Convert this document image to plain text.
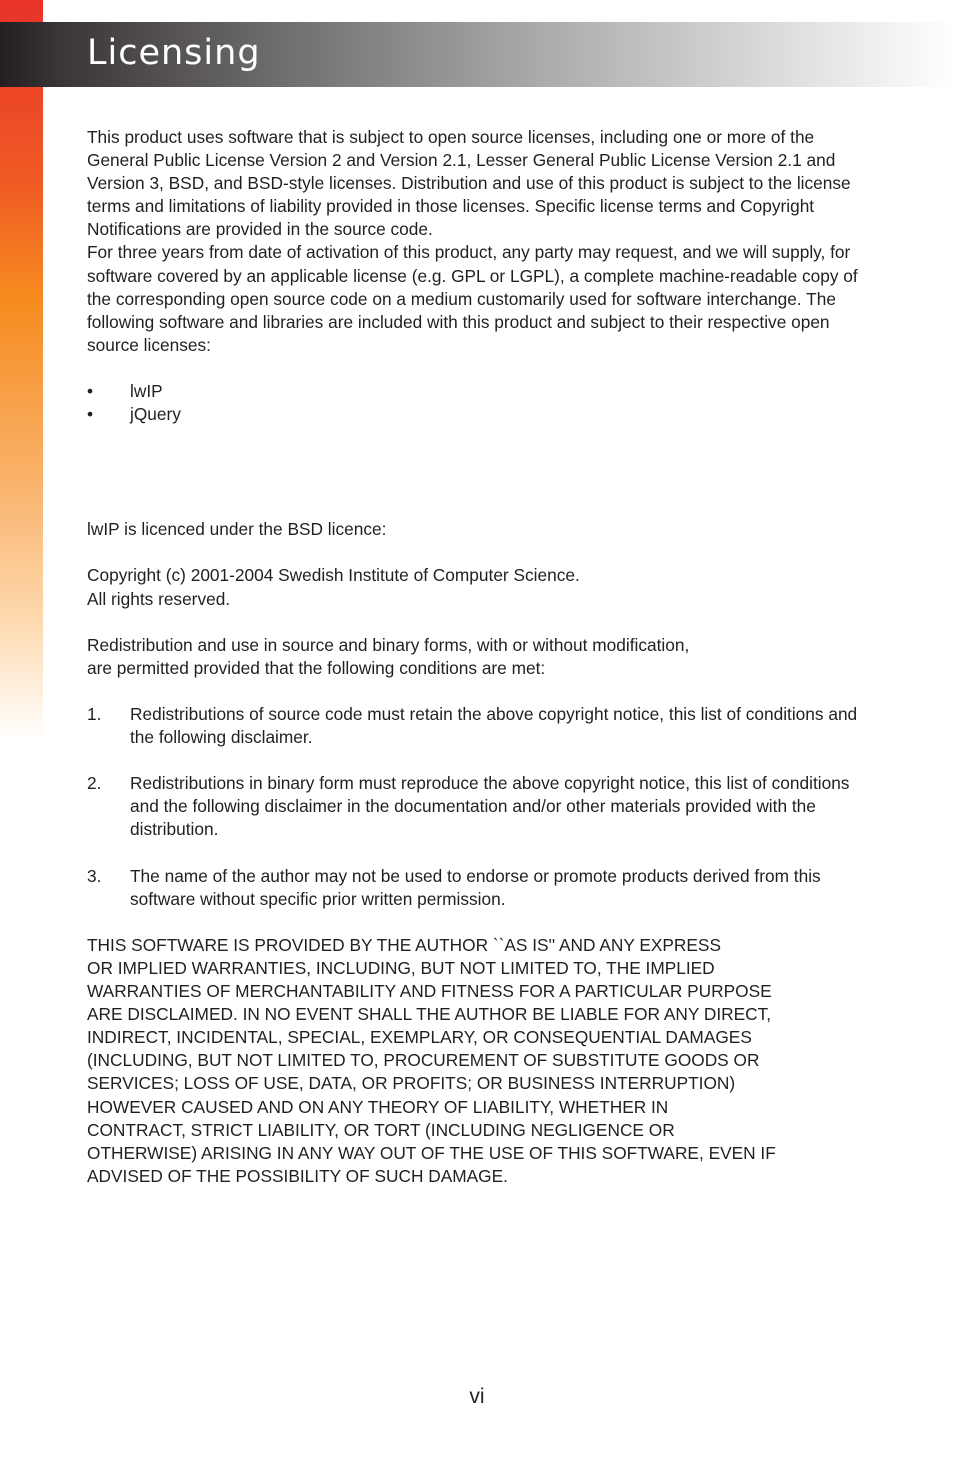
Licensing

This product uses software that is subject to open source licenses, including one or more of the General Public License Version 2 and Version 2.1, Lesser General Public License Version 2.1 and Version 3, BSD, and BSD-style licenses. Distribution and use of this product is subject to the license terms and limitations of liability provided in those licenses. Specific license terms and Copyright Notifications are provided in the source code.

For three years from date of activation of this product, any party may request, and we will supply, for software covered by an applicable license (e.g. GPL or LGPL), a complete machine-readable copy of the corresponding open source code on a medium customarily used for software interchange. The following software and libraries are included with this product and subject to their respective open source licenses:

• lwIP
• jQuery

lwIP is licenced under the BSD licence:

Copyright (c) 2001-2004 Swedish Institute of Computer Science.

All rights reserved.

Redistribution and use in source and binary forms, with or without modification,

are permitted provided that the following conditions are met:

1. Redistributions of source code must retain the above copyright notice, this list of conditions and the following disclaimer.
2. Redistributions in binary form must reproduce the above copyright notice, this list of conditions and the following disclaimer in the documentation and/or other materials provided with the distribution.
3. The name of the author may not be used to endorse or promote products derived from this software without specific prior written permission.

THIS SOFTWARE IS PROVIDED BY THE AUTHOR ``AS IS'' AND ANY EXPRESS

OR IMPLIED WARRANTIES, INCLUDING, BUT NOT LIMITED TO, THE IMPLIED

WARRANTIES OF MERCHANTABILITY AND FITNESS FOR A PARTICULAR PURPOSE

ARE DISCLAIMED. IN NO EVENT SHALL THE AUTHOR BE LIABLE FOR ANY DIRECT,

INDIRECT, INCIDENTAL, SPECIAL, EXEMPLARY, OR CONSEQUENTIAL DAMAGES

(INCLUDING, BUT NOT LIMITED TO, PROCUREMENT OF SUBSTITUTE GOODS OR

SERVICES; LOSS OF USE, DATA, OR PROFITS; OR BUSINESS INTERRUPTION)

HOWEVER CAUSED AND ON ANY THEORY OF LIABILITY, WHETHER IN

CONTRACT, STRICT LIABILITY, OR TORT (INCLUDING NEGLIGENCE OR

OTHERWISE) ARISING IN ANY WAY OUT OF THE USE OF THIS SOFTWARE, EVEN IF

ADVISED OF THE POSSIBILITY OF SUCH DAMAGE.

vi
